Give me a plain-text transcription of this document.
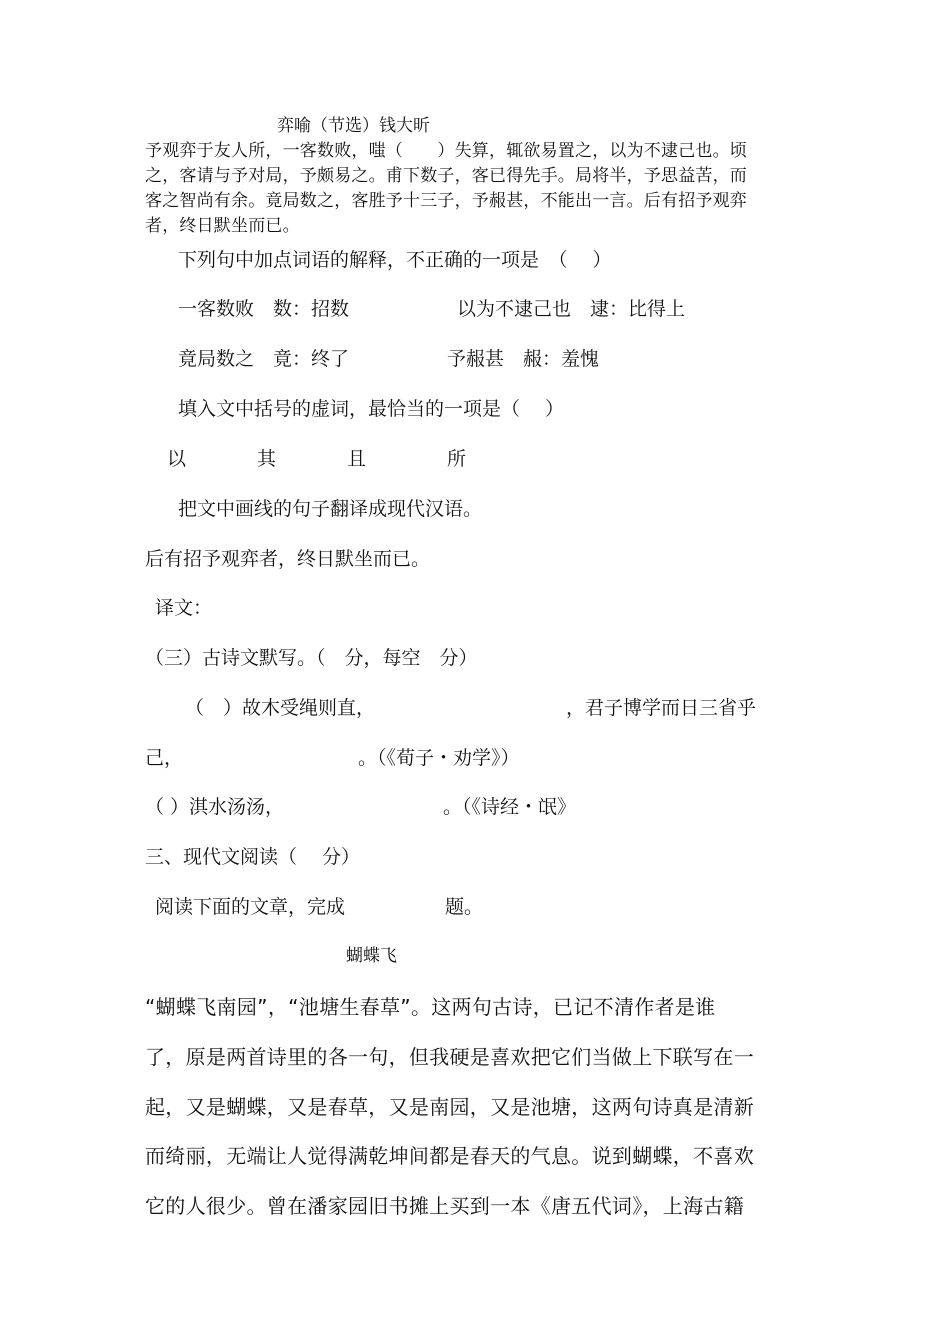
弈喻（节选）钱大昕
予观弈于友人所，一客数败，嗤（　　）失算，辄欲易置之，以为不逮己也。顷
之，客请与予对局，予颇易之。甫下数子，客已得先手。局将半，予思益苦，而
客之智尚有余。竟局数之，客胜予十三子，予赧甚，不能出一言。后有招予观弈
者，终日默坐而已。
下列句中加点词语的解释，不正确的一项是　（　 ）
一客数败　数：招数	以为不逮己也　逮：比得上
竟局数之　竟：终了	予赧甚　赧：羞愧
填入文中括号的虚词，最恰当的一项是（　 ）
以	其	且	所
把文中画线的句子翻译成现代汉语。
后有招予观弈者，终日默坐而已。
译文：
（三）古诗文默写。（　分，每空　分）
（　）故木受绳则直，	，君子博学而日三省乎
己，	。（《荀子・劝学》）
（ ）淇水汤汤，	。（《诗经・氓》
三、现代文阅读（　 分）
阅读下面的文章，完成	题。
蝴蝶飞
“蝴蝶飞南园”，“池塘生春草”。这两句古诗，已记不清作者是谁
了，原是两首诗里的各一句，但我硬是喜欢把它们当做上下联写在一
起，又是蝴蝶，又是春草，又是南园，又是池塘，这两句诗真是清新
而绮丽，无端让人觉得满乾坤间都是春天的气息。说到蝴蝶，不喜欢
它的人很少。曾在潘家园旧书摊上买到一本《唐五代词》，上海古籍
